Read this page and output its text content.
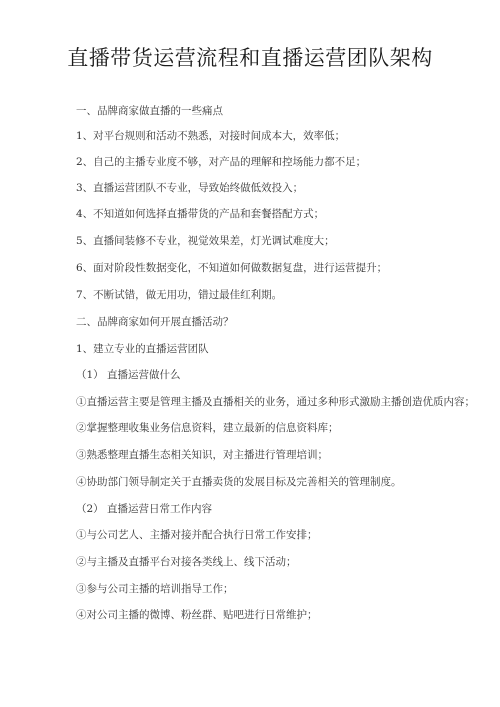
直播带货运营流程和直播运营团队架构
一、品牌商家做直播的一些痛点
1、对平台规则和活动不熟悉，对接时间成本大，效率低；
2、自己的主播专业度不够，对产品的理解和控场能力都不足；
3、直播运营团队不专业，导致始终做低效投入；
4、不知道如何选择直播带货的产品和套餐搭配方式；
5、直播间装修不专业，视觉效果差，灯光调试难度大；
6、面对阶段性数据变化，不知道如何做数据复盘，进行运营提升；
7、不断试错，做无用功，错过最佳红利期。
二、品牌商家如何开展直播活动？
1、建立专业的直播运营团队
（1） 直播运营做什么
①直播运营主要是管理主播及直播相关的业务，通过多种形式激励主播创造优质内容；
②掌握整理收集业务信息资料，建立最新的信息资料库；
③熟悉整理直播生态相关知识，对主播进行管理培训；
④协助部门领导制定关于直播卖货的发展目标及完善相关的管理制度。
（2） 直播运营日常工作内容
①与公司艺人、主播对接并配合执行日常工作安排；
②与主播及直播平台对接各类线上、线下活动；
③参与公司主播的培训指导工作；
④对公司主播的微博、粉丝群、贴吧进行日常维护；
